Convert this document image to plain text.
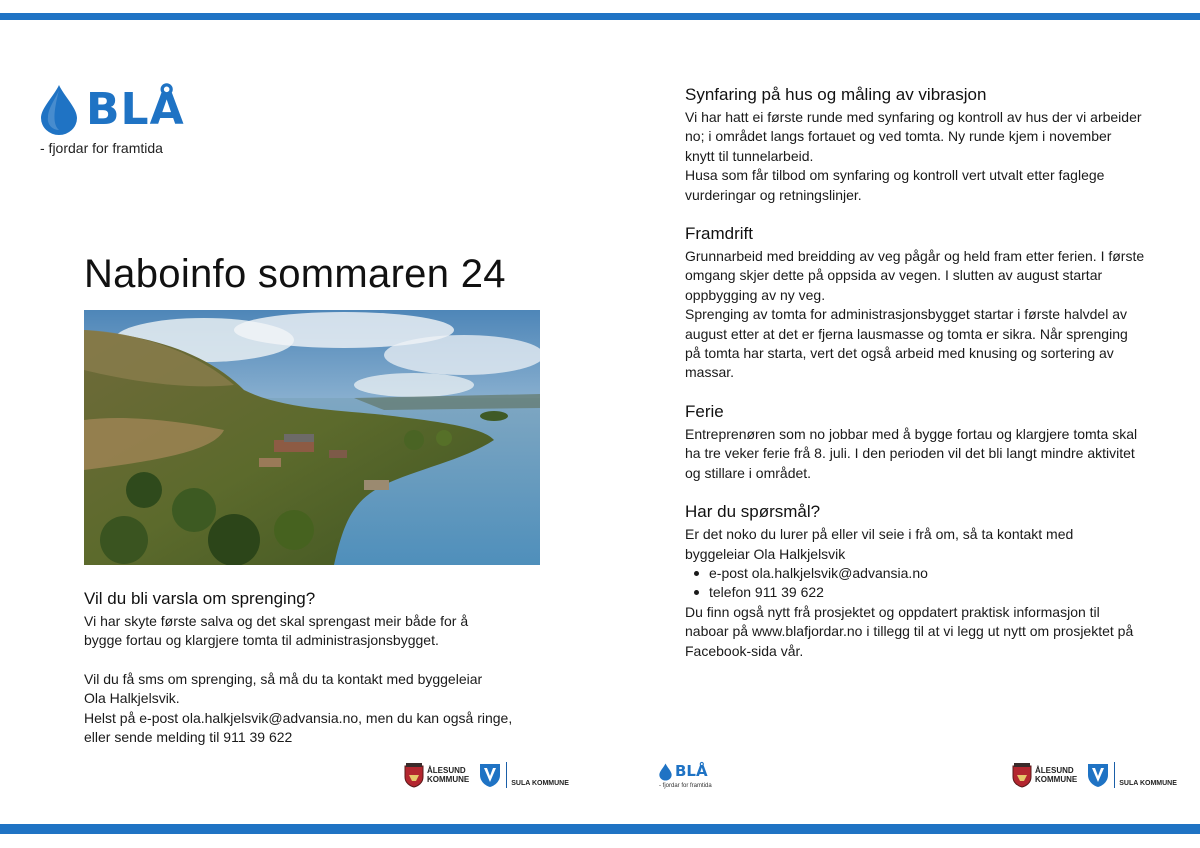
BLÅ
- fjordar for framtida
Naboinfo sommaren 24
Vil du bli varsla om sprenging?
Vi har skyte første salva og det skal sprengast meir både for å
bygge fortau og klargjere tomta til administrasjonsbygget.
Vil du få sms om sprenging, så må du ta kontakt med byggeleiar
Ola Halkjelsvik.
Helst på e-post ola.halkjelsvik@advansia.no, men du kan også ringe,
eller sende melding til 911 39 622
Synfaring på hus og måling av vibrasjon
Vi har hatt ei første runde med synfaring og kontroll av hus der vi arbeider
no; i området langs fortauet og ved tomta. Ny runde kjem i november
knytt til tunnelarbeid.
Husa som får tilbod om synfaring og kontroll vert utvalt etter faglege
vurderingar og retningslinjer.
Framdrift
Grunnarbeid med breidding av veg pågår og held fram etter ferien. I første
omgang skjer dette på oppsida av vegen. I slutten av august startar
oppbygging av ny veg.
Sprenging av tomta for administrasjonsbygget startar i første halvdel av
august etter at det er fjerna lausmasse og tomta er sikra. Når sprenging
på tomta har starta, vert det også arbeid med knusing og sortering av
massar.
Ferie
Entreprenøren som no jobbar med å bygge fortau og klargjere tomta skal
ha tre veker ferie frå 8. juli. I den perioden vil det bli langt mindre aktivitet
og stillare i området.
Har du spørsmål?
Er det noko du lurer på eller vil seie i frå om, så ta kontakt med
byggeleiar Ola Halkjelsvik
e-post ola.halkjelsvik@advansia.no
telefon 911 39 622
Du finn også nytt frå prosjektet og oppdatert praktisk informasjon til
naboar på www.blafjordar.no i tillegg til at vi legg ut nytt om prosjektet på
Facebook-sida vår.
ÅLESUND
KOMMUNE	SULA KOMMUNE
BLÅ
- fjordar for framtida
ÅLESUND
KOMMUNE	SULA KOMMUNE
